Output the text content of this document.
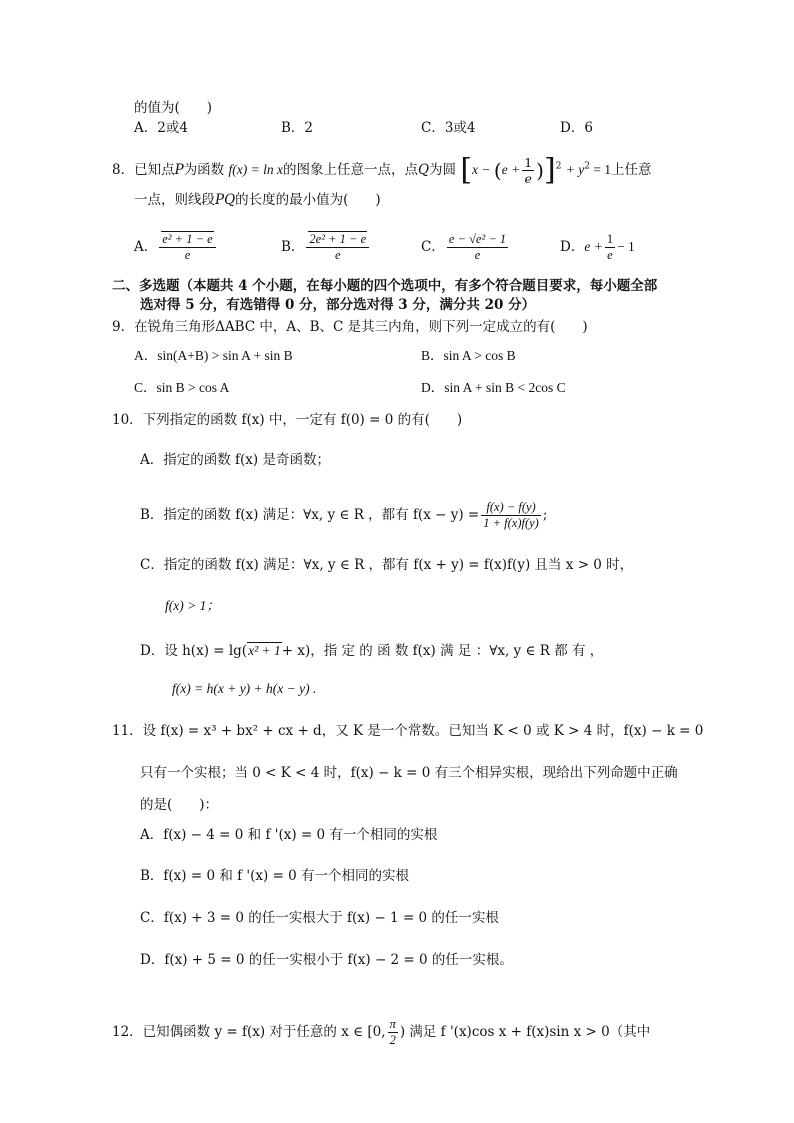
的值为(　　)
A．2或4	B．2	C．3或4	D．6
8．已知点P为函数 f(x) = ln x的图象上任意一点，点Q为圆 $[x - (e + \frac{1}{e} )]^2 + y^2 = 1$上任意
一点，则线段PQ的长度的最小值为(　　)
A． $\frac{\text{e² + 1 − e}}{e}$	B． $\frac{\text{2e² + 1 − e}}{e}$	C． $\frac{\text{e − √e² − 1}}{e}$	D．$e + \frac{1}{e} - 1$
二、多选题（本题共 4 个小题，在每小题的四个选项中，有多个符合题目要求，每小题全部
选对得 5 分，有选错得 0 分，部分选对得 3 分，满分共 20 分）
9．在锐角三角形ΔABC 中，A、B、C 是其三内角，则下列一定成立的有(　　)
A．sin(A+B) > sin A + sin B	B．sin A > cos B
C．sin B > cos A	D．sin A + sin B < 2cos C
10．下列指定的函数 f(x) 中，一定有 f(0) = 0 的有(　　)
A．指定的函数 f(x) 是奇函数；
B．指定的函数 f(x) 满足：∀x, y ∈ R ，都有 $f(x - y) = \frac{f(x) - f(y)}{1 + f(x)f(y)}$ ;
C．指定的函数 f(x) 满足：∀x, y ∈ R ，都有 f(x + y) = f(x)f(y) 且当 x > 0 时，
f(x) > 1；
D．设 h(x) = lg(x² + 1+ x)，指 定 的 函 数 f(x) 满 足 ：∀x, y ∈ R 都 有 ，
f(x) = h(x + y) + h(x − y) .
11．设 f(x) = x³ + bx² + cx + d，又 K 是一个常数。已知当 K < 0 或 K > 4 时，f(x) − k = 0
只有一个实根；当 0 < K < 4 时，f(x) − k = 0 有三个相异实根，现给出下列命题中正确
的是(　　)：
A．f(x) − 4 = 0 和 f '(x) = 0 有一个相同的实根
B．f(x) = 0 和 f '(x) = 0 有一个相同的实根
C．f(x) + 3 = 0 的任一实根大于 f(x) − 1 = 0 的任一实根
D．f(x) + 5 = 0 的任一实根小于 f(x) − 2 = 0 的任一实根。
12．已知偶函数 y = f(x) 对于任意的 x ∈ [0, $\frac{\pi}{2}$ ) 满足 f '(x)cos x + f(x)sin x > 0（其中
